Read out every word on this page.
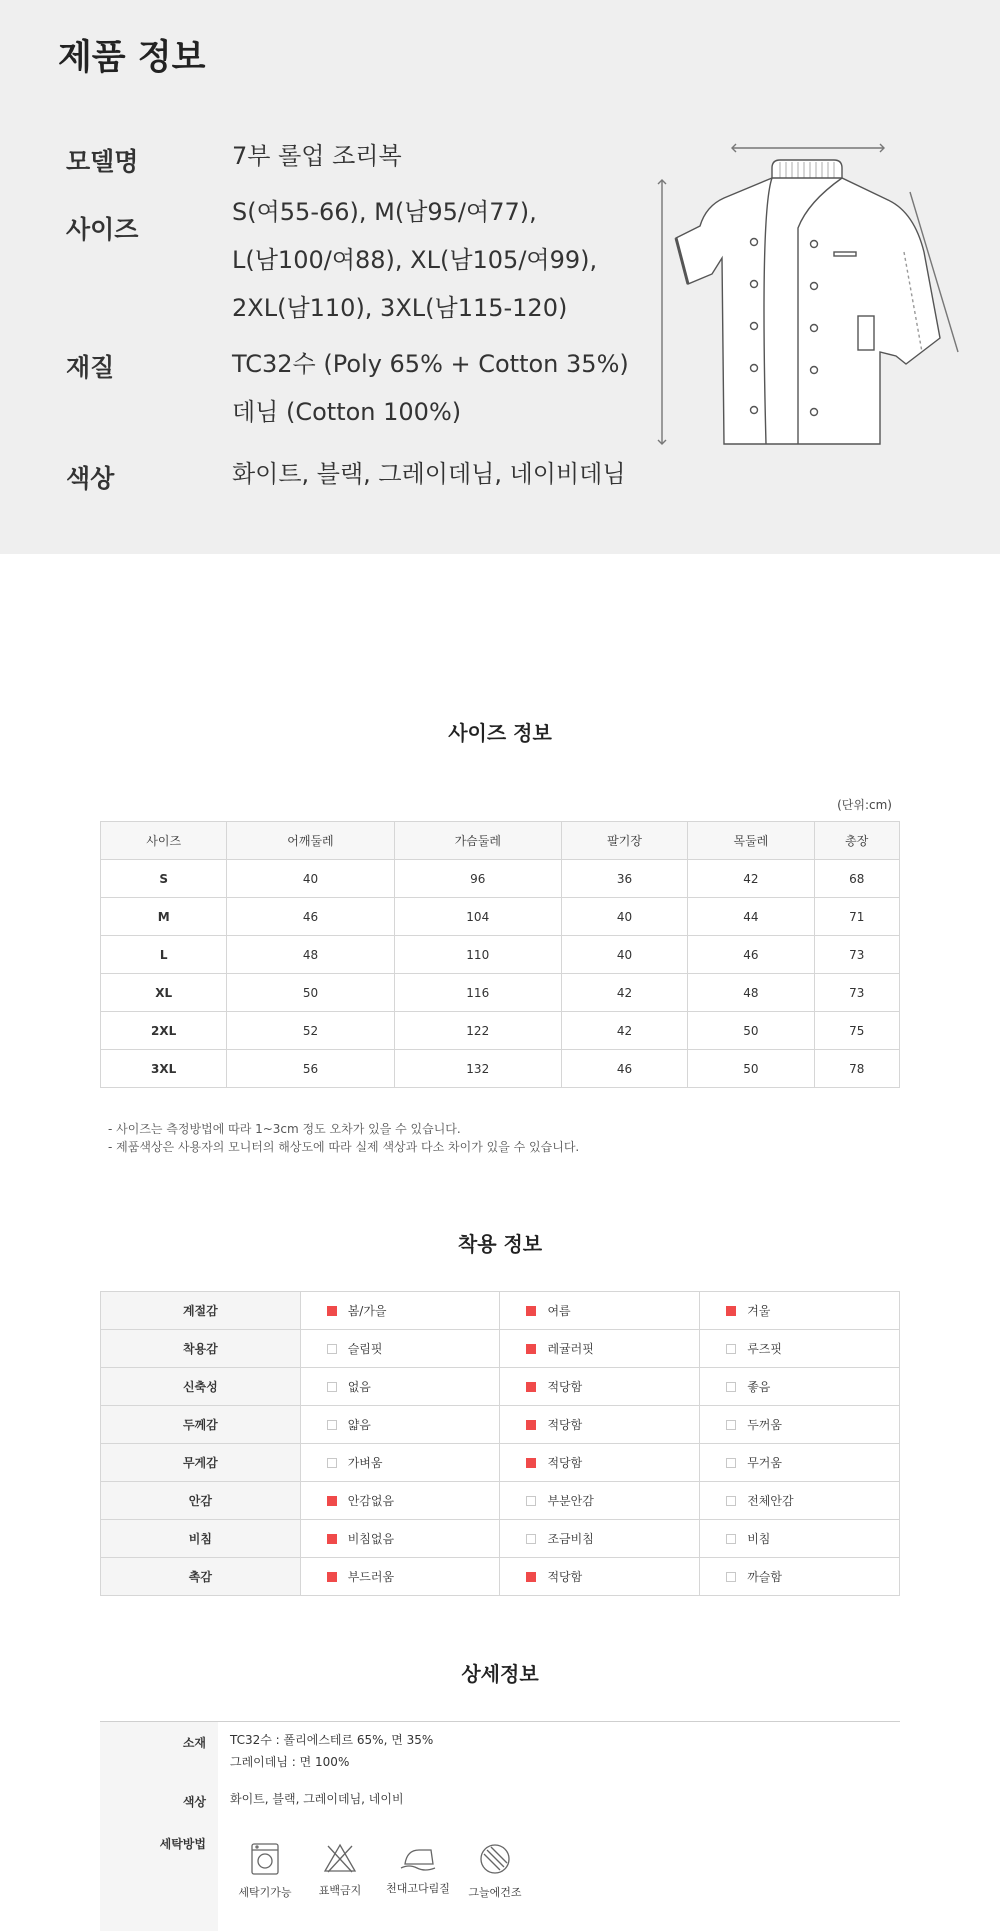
제품 정보
모델명	7부 롤업 조리복
사이즈
S(여55-66), M(남95/여77),
L(남100/여88), XL(남105/여99),
2XL(남110), 3XL(남115-120)
재질	TC32수 (Poly 65% + Cotton 35%)
데님 (Cotton 100%)
색상	화이트, 블랙, 그레이데님, 네이비데님
사이즈 정보
(단위:cm)
사이즈	어깨둘레	가슴둘레	팔기장	목둘레	총장
S	40	96	36	42	68
M	46	104	40	44	71
L	48	110	40	46	73
XL	50	116	42	48	73
2XL	52	122	42	50	75
3XL	56	132	46	50	78
- 사이즈는 측정방법에 따라 1~3cm 정도 오차가 있을 수 있습니다.
- 제품색상은 사용자의 모니터의 해상도에 따라 실제 색상과 다소 차이가 있을 수 있습니다.
착용 정보
계절감	봄/가을	여름	겨울
착용감	슬림핏	레귤러핏	루즈핏
신축성	없음	적당함	좋음
두께감	얇음	적당함	두꺼움
무게감	가벼움	적당함	무거움
안감	안감없음	부분안감	전체안감
비침	비침없음	조금비침	비침
촉감	부드러움	적당함	까슬함
상세정보
소재 TC32수 : 폴리에스테르 65%, 면 35%
그레이데님 : 면 100%
색상 화이트, 블랙, 그레이데님, 네이비
세탁방법
세탁기가능	표백금지	천대고다림질	그늘에건조
